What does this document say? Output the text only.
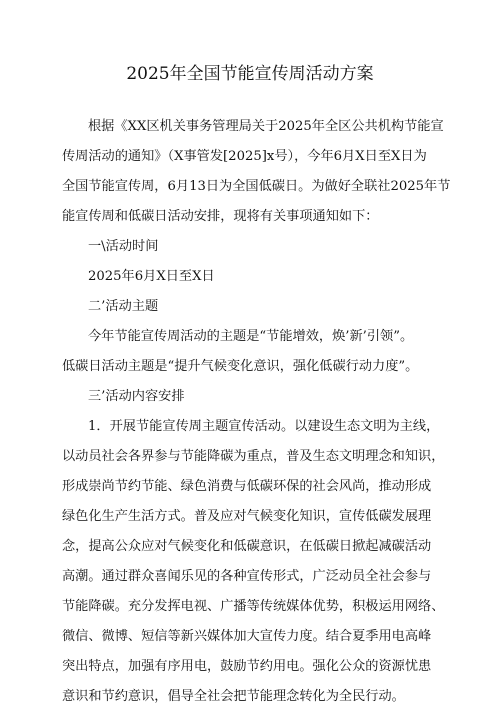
2025年全国节能宣传周活动方案
根据《XX区机关事务管理局关于2025年全区公共机构节能宣
传周活动的通知》（X事管发[2025]x号），今年6月X日至X日为
全国节能宣传周，6月13日为全国低碳日。为做好全联社2025年节
能宣传周和低碳日活动安排，现将有关事项通知如下：
一\活动时间
2025年6月X日至X日
二’活动主题
今年节能宣传周活动的主题是“节能增效，焕’新’引领”。
低碳日活动主题是“提升气候变化意识，强化低碳行动力度”。
三’活动内容安排
1．开展节能宣传周主题宣传活动。以建设生态文明为主线，
以动员社会各界参与节能降碳为重点，普及生态文明理念和知识，
形成崇尚节约节能、绿色消费与低碳环保的社会风尚，推动形成
绿色化生产生活方式。普及应对气候变化知识，宣传低碳发展理
念，提高公众应对气候变化和低碳意识，在低碳日掀起减碳活动
高潮。通过群众喜闻乐见的各种宣传形式，广泛动员全社会参与
节能降碳。充分发挥电视、广播等传统媒体优势，积极运用网络、
微信、微博、短信等新兴媒体加大宣传力度。结合夏季用电高峰
突出特点，加强有序用电，鼓励节约用电。强化公众的资源忧患
意识和节约意识，倡导全社会把节能理念转化为全民行动。
